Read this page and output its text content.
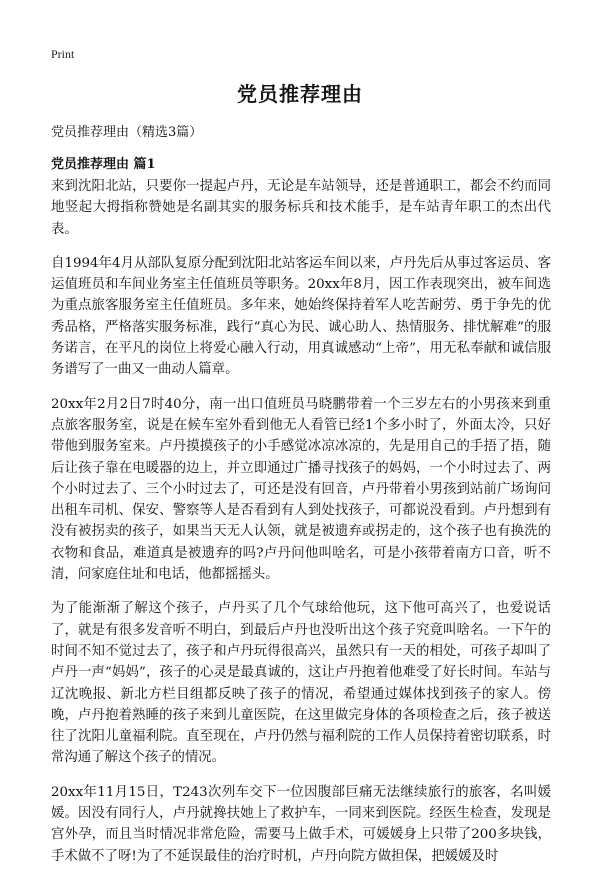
Print
党员推荐理由
党员推荐理由（精选3篇）
党员推荐理由 篇1

来到沈阳北站，只要你一提起卢丹，无论是车站领导，还是普通职工，都会不约而同地竖起大拇指称赞她是名副其实的服务标兵和技术能手，是车站青年职工的杰出代表。

自1994年4月从部队复原分配到沈阳北站客运车间以来，卢丹先后从事过客运员、客运值班员和车间业务室主任值班员等职务。20xx年8月，因工作表现突出，被车间选为重点旅客服务室主任值班员。多年来，她始终保持着军人吃苦耐劳、勇于争先的优秀品格，严格落实服务标准，践行“真心为民、诚心助人、热情服务、排忧解难”的服务诺言，在平凡的岗位上将爱心融入行动，用真诚感动“上帝”，用无私奉献和诚信服务谱写了一曲又一曲动人篇章。

20xx年2月2日7时40分，南一出口值班员马晓鹏带着一个三岁左右的小男孩来到重点旅客服务室，说是在候车室外看到他无人看管已经1个多小时了，外面太冷，只好带他到服务室来。卢丹摸摸孩子的小手感觉冰凉冰凉的，先是用自己的手捂了捂，随后让孩子靠在电暖器的边上，并立即通过广播寻找孩子的妈妈，一个小时过去了、两个小时过去了、三个小时过去了，可还是没有回音，卢丹带着小男孩到站前广场询问出租车司机、保安、警察等人是否看到有人到处找孩子，可都说没看到。卢丹想到有没有被拐卖的孩子，如果当天无人认领，就是被遗弃或拐走的，这个孩子也有换洗的衣物和食品，难道真是被遗弃的吗?卢丹问他叫啥名，可是小孩带着南方口音，听不清，问家庭住址和电话，他都摇摇头。

为了能渐渐了解这个孩子，卢丹买了几个气球给他玩，这下他可高兴了，也爱说话了，就是有很多发音听不明白，到最后卢丹也没听出这个孩子究竟叫啥名。一下午的时间不知不觉过去了，孩子和卢丹玩得很高兴，虽然只有一天的相处，可孩子却叫了卢丹一声“妈妈”，孩子的心灵是最真诚的，这让卢丹抱着他难受了好长时间。车站与辽沈晚报、新北方栏目组都反映了孩子的情况，希望通过媒体找到孩子的家人。傍晚，卢丹抱着熟睡的孩子来到儿童医院，在这里做完身体的各项检查之后，孩子被送往了沈阳儿童福利院。直至现在，卢丹仍然与福利院的工作人员保持着密切联系，时常沟通了解这个孩子的情况。

20xx年11月15日，T243次列车交下一位因腹部巨痛无法继续旅行的旅客，名叫媛媛。因没有同行人，卢丹就搀扶她上了救护车，一同来到医院。经医生检查，发现是宫外孕，而且当时情况非常危险，需要马上做手术，可媛媛身上只带了200多块钱，手术做不了呀!为了不延误最佳的治疗时机，卢丹向院方做担保，把媛媛及时
